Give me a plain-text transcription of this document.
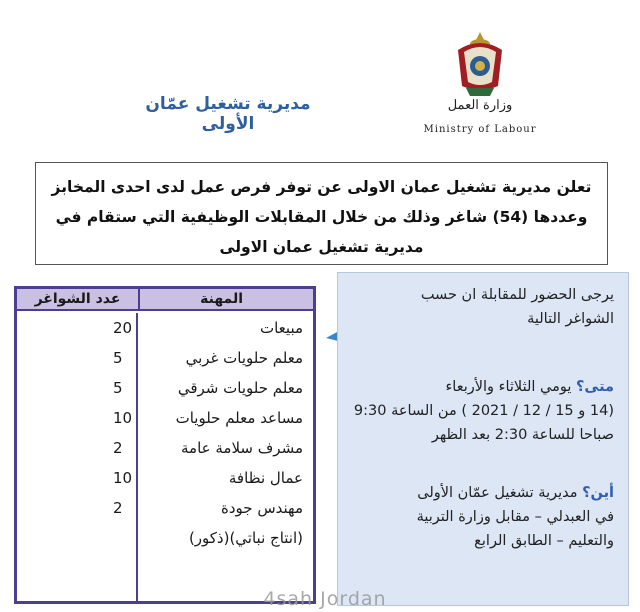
مديرية تشغيل عمّان الأولى
وزارة العمل
Ministry of Labour
تعلن مديرية تشغيل عمان الاولى عن توفر فرص عمل لدى احدى المخابز
وعددها (54) شاغر وذلك من خلال المقابلات الوظيفية التي ستقام في
مديرية تشغيل عمان الاولى
المهنة
عدد الشواغر
مبيعات
20
معلم حلويات غربي
5
معلم حلويات شرقي
5
مساعد معلم حلويات
10
مشرف سلامة عامة
2
عمال نظافة
10
مهندس جودة
2
(انتاج نباتي)(ذكور)

يرجى الحضور للمقابلة ان حسب

الشواغر التالية

متى؟ يومي الثلاثاء والأربعاء

(14 و 15 / 12 / 2021 ) من الساعة 9:30

صباحا للساعة 2:30 بعد الظهر

أين؟ مديرية تشغيل عمّان الأولى

في العبدلي – مقابل وزارة التربية

والتعليم – الطابق الرابع

4sah Jordan
